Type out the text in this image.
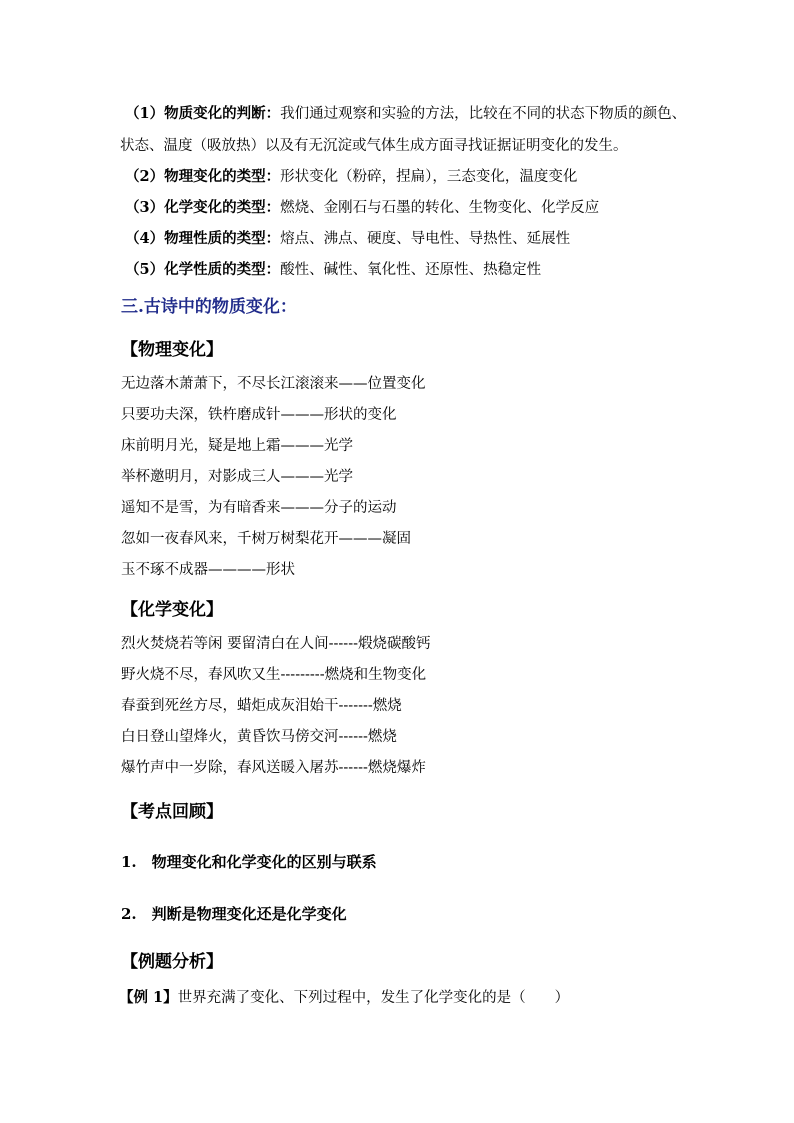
（1）物质变化的判断：我们通过观察和实验的方法，比较在不同的状态下物质的颜色、
状态、温度（吸放热）以及有无沉淀或气体生成方面寻找证据证明变化的发生。
（2）物理变化的类型：形状变化（粉碎，捏扁），三态变化，温度变化
（3）化学变化的类型：燃烧、金刚石与石墨的转化、生物变化、化学反应
（4）物理性质的类型：熔点、沸点、硬度、导电性、导热性、延展性
（5）化学性质的类型：酸性、碱性、氧化性、还原性、热稳定性
三.古诗中的物质变化：
【物理变化】
无边落木萧萧下，不尽长江滚滚来——位置变化
只要功夫深，铁杵磨成针———形状的变化
床前明月光，疑是地上霜———光学
举杯邀明月，对影成三人———光学
遥知不是雪，为有暗香来———分子的运动
忽如一夜春风来，千树万树梨花开———凝固
玉不琢不成器————形状
【化学变化】
烈火焚烧若等闲 要留清白在人间------煅烧碳酸钙
野火烧不尽，春风吹又生---------燃烧和生物变化
春蚕到死丝方尽，蜡炬成灰泪始干-------燃烧
白日登山望烽火，黄昏饮马傍交河------燃烧
爆竹声中一岁除，春风送暖入屠苏------燃烧爆炸
【考点回顾】
1.　物理变化和化学变化的区别与联系
2.　判断是物理变化还是化学变化
【例题分析】
【例 1】世界充满了变化、下列过程中，发生了化学变化的是（　　）
